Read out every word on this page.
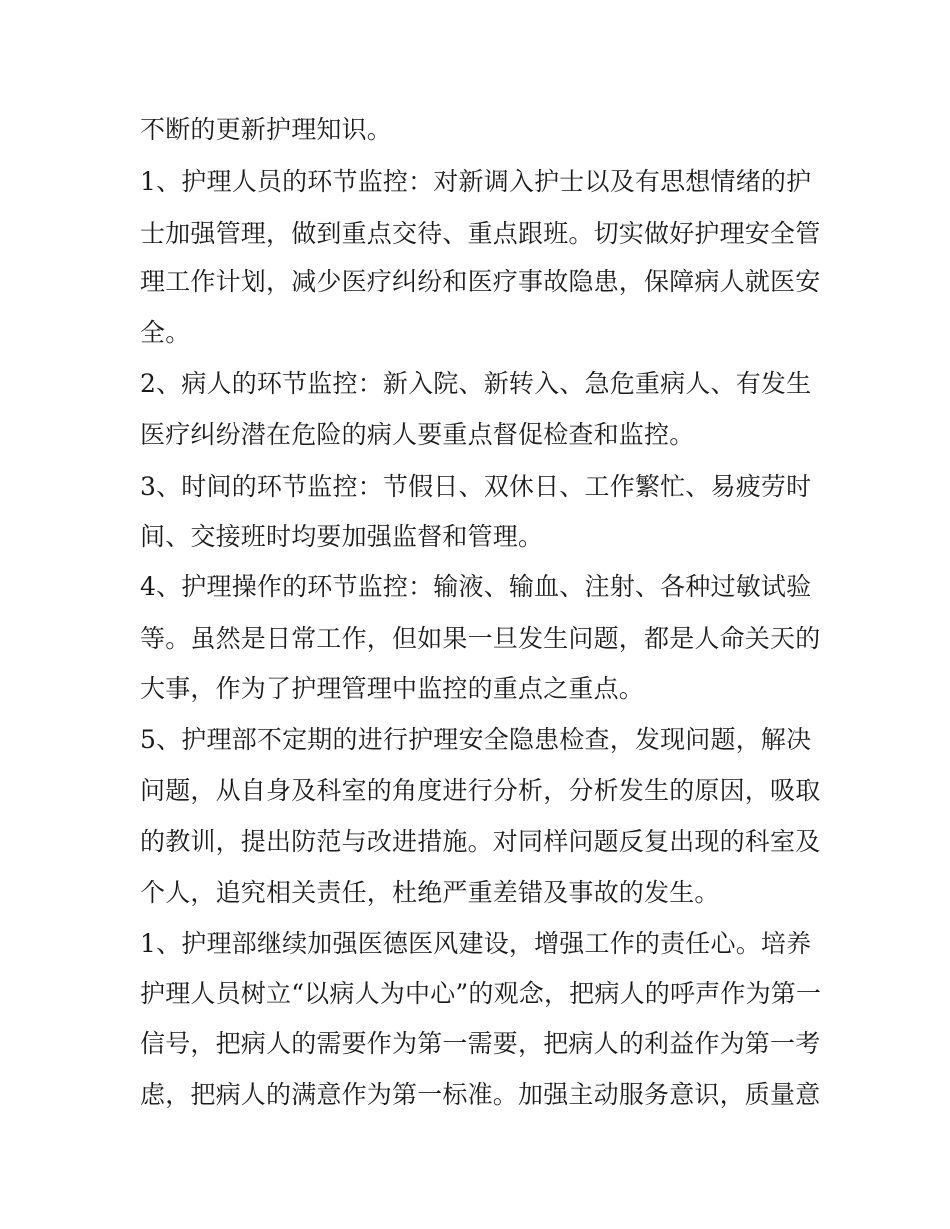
不断的更新护理知识。
1、护理人员的环节监控：对新调入护士以及有思想情绪的护
士加强管理，做到重点交待、重点跟班。切实做好护理安全管
理工作计划，减少医疗纠纷和医疗事故隐患，保障病人就医安
全。
2、病人的环节监控：新入院、新转入、急危重病人、有发生
医疗纠纷潜在危险的病人要重点督促检查和监控。
3、时间的环节监控：节假日、双休日、工作繁忙、易疲劳时
间、交接班时均要加强监督和管理。
4、护理操作的环节监控：输液、输血、注射、各种过敏试验
等。虽然是日常工作，但如果一旦发生问题，都是人命关天的
大事，作为了护理管理中监控的重点之重点。
5、护理部不定期的进行护理安全隐患检查，发现问题，解决
问题，从自身及科室的角度进行分析，分析发生的原因，吸取
的教训，提出防范与改进措施。对同样问题反复出现的科室及
个人，追究相关责任，杜绝严重差错及事故的发生。
1、护理部继续加强医德医风建设，增强工作的责任心。培养
护理人员树立“以病人为中心”的观念，把病人的呼声作为第一
信号，把病人的需要作为第一需要，把病人的利益作为第一考
虑，把病人的满意作为第一标准。加强主动服务意识，质量意
